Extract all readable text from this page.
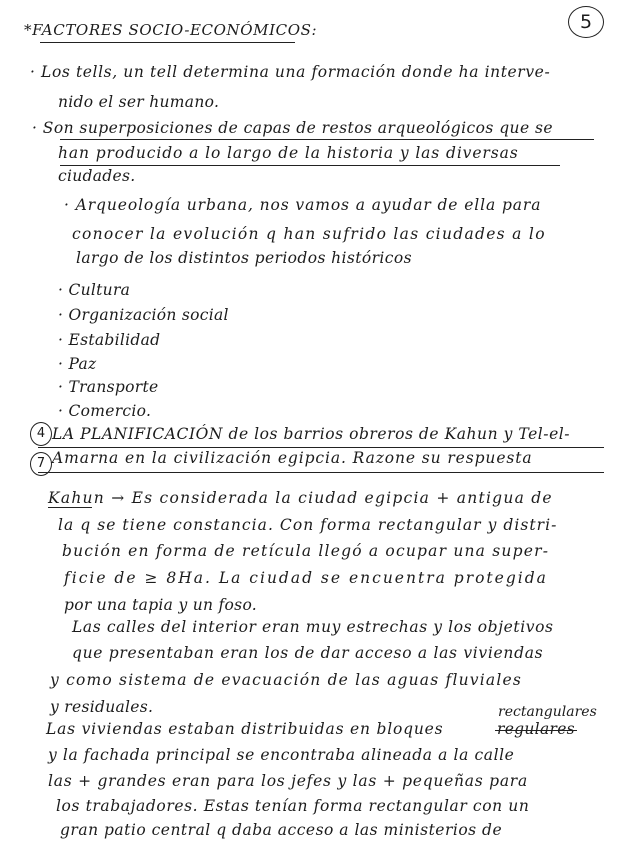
5
*FACTORES SOCIO-ECONÓMICOS:
· Los tells, un tell determina una formación donde ha interve-
nido el ser humano.
· Son superposiciones de capas de restos arqueológicos que se
han producido a lo largo de la historia y las diversas
ciudades.
· Arqueología urbana, nos vamos a ayudar de ella para
conocer la evolución q han sufrido las ciudades a lo
largo de los distintos periodos históricos
· Cultura
· Organización social
· Estabilidad
· Paz
· Transporte
· Comercio.
4 LA PLANIFICACIÓN de los barrios obreros de Kahun y Tel-el-
7 Amarna en la civilización egipcia. Razone su respuesta
Kahun → Es considerada la ciudad egipcia + antigua de
la q se tiene constancia. Con forma rectangular y distri-
bución en forma de retícula llegó a ocupar una super-
ficie de ≥ 8Ha. La ciudad se encuentra protegida
por una tapia y un foso.
Las calles del interior eran muy estrechas y los objetivos
que presentaban eran los de dar acceso a las viviendas
y como sistema de evacuación de las aguas fluviales
y residuales.	rectangulares
Las viviendas estaban distribuidas en bloques	regulares
y la fachada principal se encontraba alineada a la calle
las + grandes eran para los jefes y las + pequeñas para
los trabajadores. Estas tenían forma rectangular con un
gran patio central q daba acceso a las ministerios de
